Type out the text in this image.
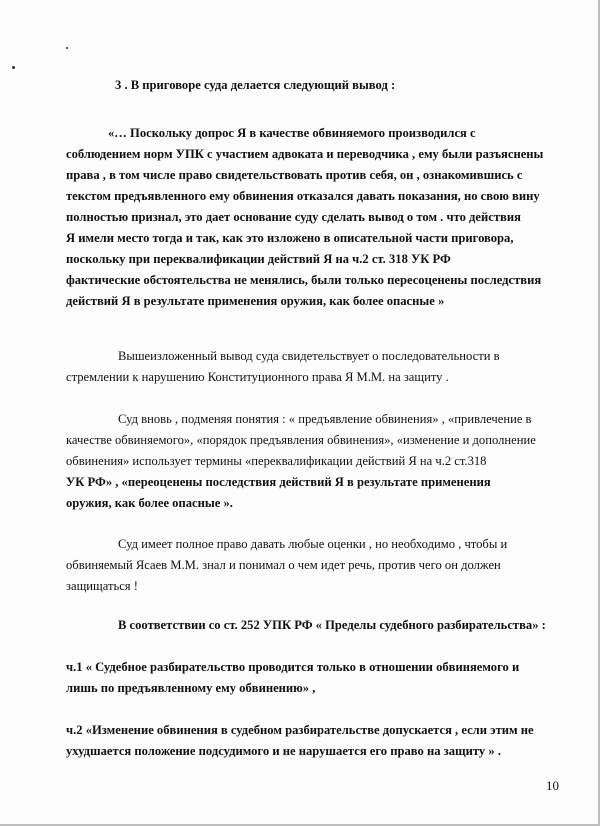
3 . В приговоре суда делается следующий вывод :
«… Поскольку допрос Я в качестве обвиняемого производился с
соблюдением норм УПК с участием адвоката и переводчика , ему были разъяснены
права , в том числе право свидетельствовать против себя, он , ознакомившись с
текстом предъявленного ему обвинения отказался давать показания, но свою вину
полностью признал, это дает основание суду сделать вывод о том . что действия
Я имели место тогда и так, как это изложено в описательной части приговора,
поскольку при переквалификации действий Я на ч.2 ст. 318 УК РФ
фактические обстоятельства не менялись, были только пересоценены последствия
действий Я в результате применения оружия, как более опасные »
Вышеизложенный вывод суда свидетельствует о последовательности в
стремлении к нарушению Конституционного права Я М.М. на защиту .
Суд вновь , подменяя понятия : « предъявление обвинения» , «привлечение в
качестве обвиняемого», «порядок предъявления обвинения», «изменение и дополнение
обвинения» использует термины «переквалификации действий Я на ч.2 ст.318
УК РФ» , «переоценены последствия действий Я в результате применения
оружия, как более опасные ».
Суд имеет полное право давать любые оценки , но необходимо , чтобы и
обвиняемый Ясаев М.М. знал и понимал о чем идет речь, против чего он должен
защищаться !
В соответствии со ст. 252 УПК РФ « Пределы судебного разбирательства» :
ч.1 « Судебное разбирательство проводится только в отношении обвиняемого и
лишь по предъявленному ему обвинению» ,
ч.2 «Изменение обвинения в судебном разбирательстве допускается , если этим не
ухудшается положение подсудимого и не нарушается его право на защиту » .
10
